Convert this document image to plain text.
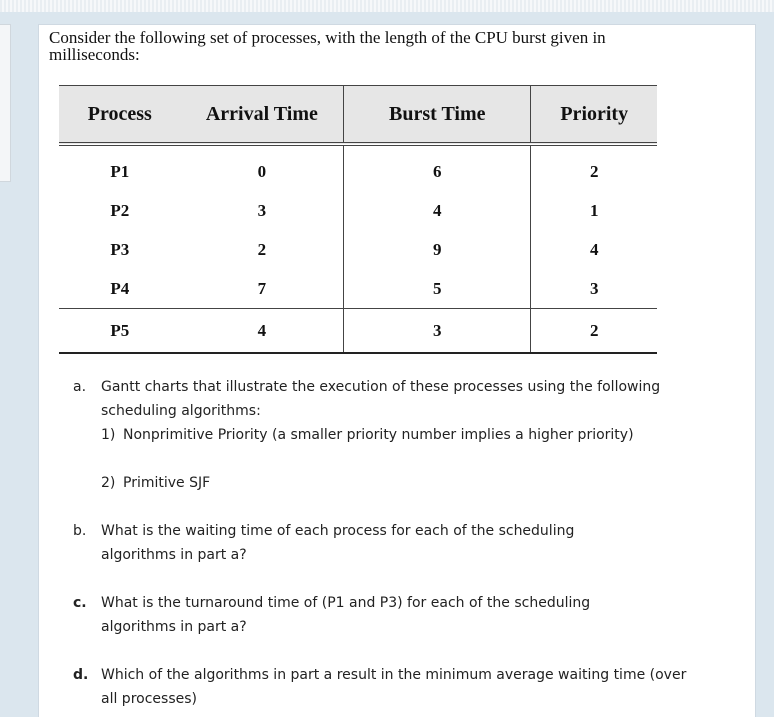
Consider the following set of processes, with the length of the CPU burst given in milliseconds:
Process	Arrival Time	Burst Time	Priority
P1	0	6	2
P2	3	4	1
P3	2	9	4
P4	7	5	3
P5	4	3	2
a. Gantt charts that illustrate the execution of these processes using the following scheduling algorithms:
1) Nonprimitive Priority (a smaller priority number implies a higher priority)
2) Primitive SJF
b. What is the waiting time of each process for each of the scheduling algorithms in part a?
c. What is the turnaround time of (P1 and P3) for each of the scheduling algorithms in part a?
d. Which of the algorithms in part a result in the minimum average waiting time (over all processes)
